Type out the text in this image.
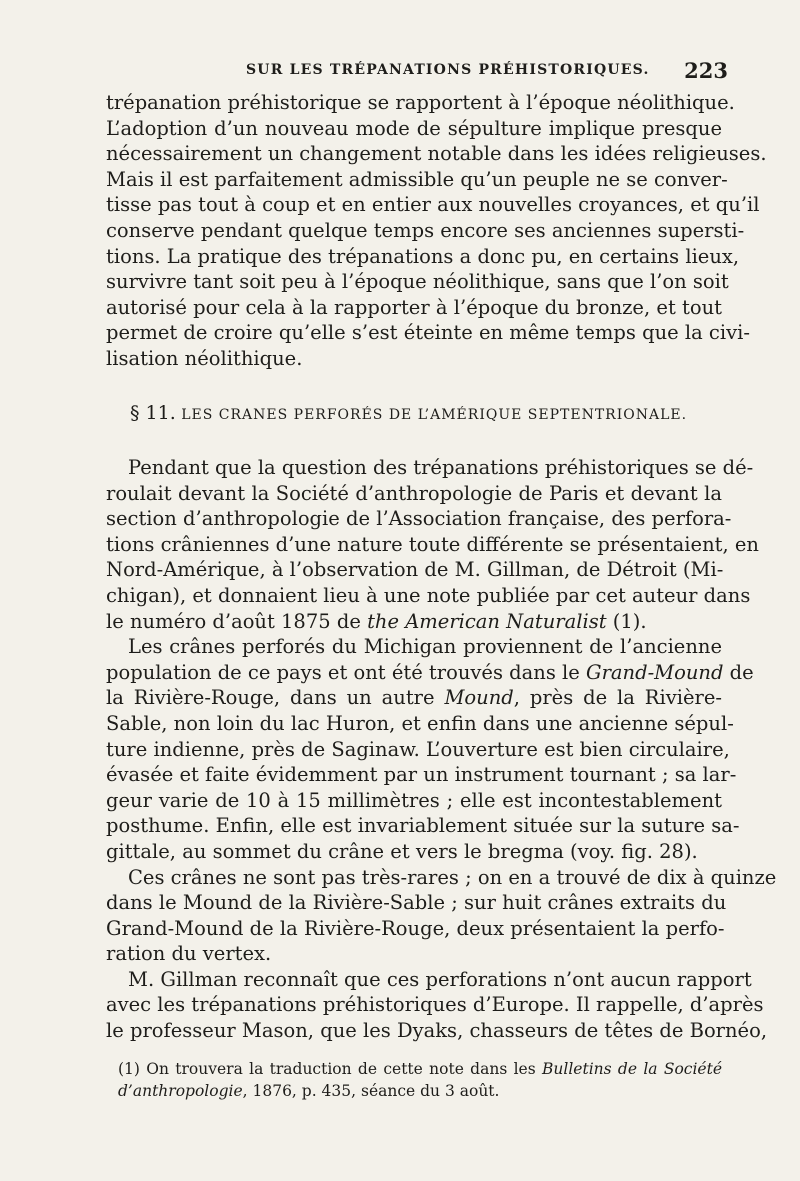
SUR LES TRÉPANATIONS PRÉHISTORIQUES. 223
trépanation préhistorique se rapportent à l’époque néolithique.
L’adoption d’un nouveau mode de sépulture implique presque
nécessairement un changement notable dans les idées religieuses.
Mais il est parfaitement admissible qu’un peuple ne se conver-
tisse pas tout à coup et en entier aux nouvelles croyances, et qu’il
conserve pendant quelque temps encore ses anciennes supersti-
tions. La pratique des trépanations a donc pu, en certains lieux,
survivre tant soit peu à l’époque néolithique, sans que l’on soit
autorisé pour cela à la rapporter à l’époque du bronze, et tout
permet de croire qu’elle s’est éteinte en même temps que la civi-
lisation néolithique.
§ 11. LES CRANES PERFORÉS DE L’AMÉRIQUE SEPTENTRIONALE.
Pendant que la question des trépanations préhistoriques se dé-
roulait devant la Société d’anthropologie de Paris et devant la
section d’anthropologie de l’Association française, des perfora-
tions crâniennes d’une nature toute différente se présentaient, en
Nord-Amérique, à l’observation de M. Gillman, de Détroit (Mi-
chigan), et donnaient lieu à une note publiée par cet auteur dans
le numéro d’août 1875 de the American Naturalist (1).
Les crânes perforés du Michigan proviennent de l’ancienne
population de ce pays et ont été trouvés dans le Grand-Mound de
la Rivière-Rouge, dans un autre Mound, près de la Rivière-
Sable, non loin du lac Huron, et enfin dans une ancienne sépul-
ture indienne, près de Saginaw. L’ouverture est bien circulaire,
évasée et faite évidemment par un instrument tournant ; sa lar-
geur varie de 10 à 15 millimètres ; elle est incontestablement
posthume. Enfin, elle est invariablement située sur la suture sa-
gittale, au sommet du crâne et vers le bregma (voy. fig. 28).
Ces crânes ne sont pas très-rares ; on en a trouvé de dix à quinze
dans le Mound de la Rivière-Sable ; sur huit crânes extraits du
Grand-Mound de la Rivière-Rouge, deux présentaient la perfo-
ration du vertex.
M. Gillman reconnaît que ces perforations n’ont aucun rapport
avec les trépanations préhistoriques d’Europe. Il rappelle, d’après
le professeur Mason, que les Dyaks, chasseurs de têtes de Bornéo,
(1) On trouvera la traduction de cette note dans les Bulletins de la Société
d’anthropologie, 1876, p. 435, séance du 3 août.
